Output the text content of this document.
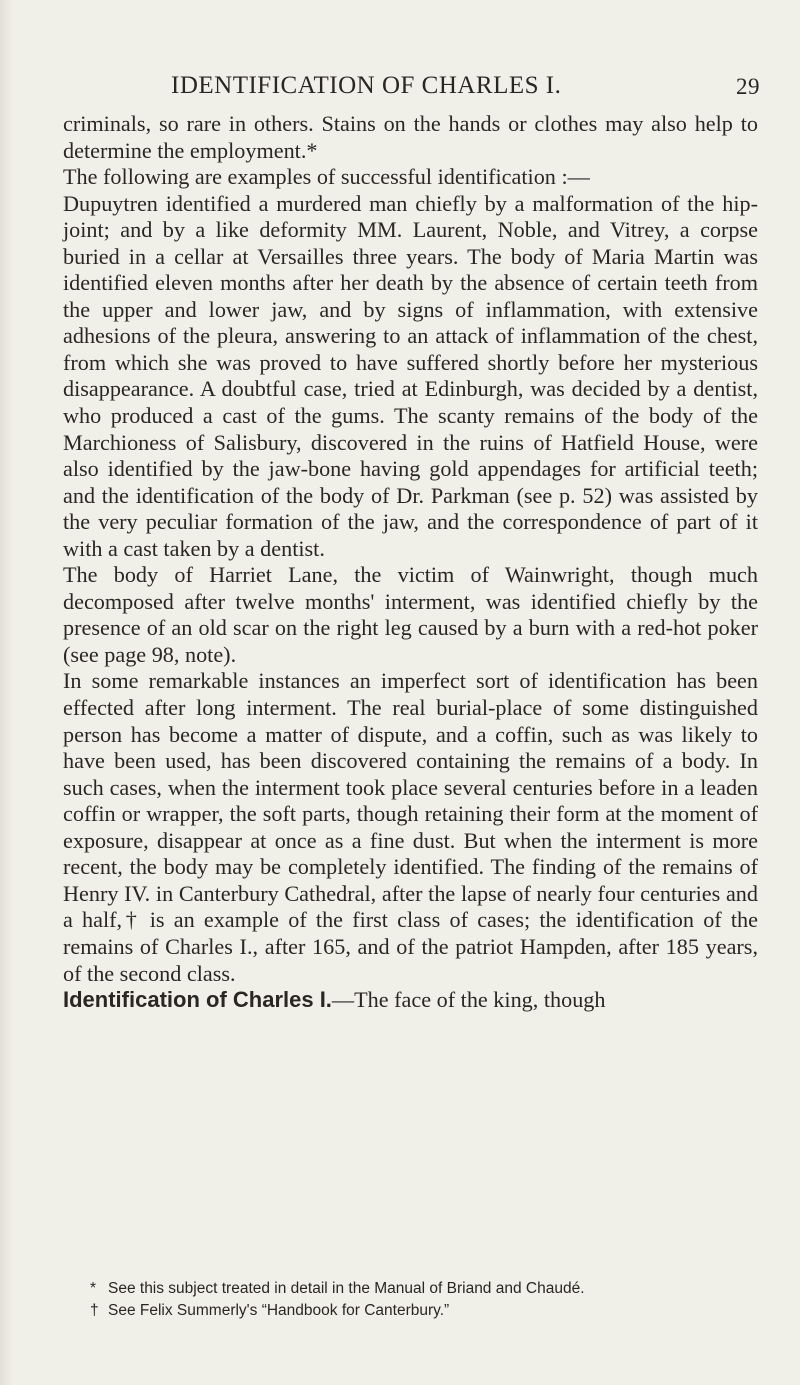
IDENTIFICATION OF CHARLES I.	29

criminals, so rare in others. Stains on the hands or clothes may also help to determine the employment.*

The following are examples of successful identification :—

Dupuytren identified a murdered man chiefly by a malformation of the hip-joint; and by a like deformity MM. Laurent, Noble, and Vitrey, a corpse buried in a cellar at Versailles three years. The body of Maria Martin was identified eleven months after her death by the absence of certain teeth from the upper and lower jaw, and by signs of inflammation, with extensive adhesions of the pleura, answering to an attack of inflammation of the chest, from which she was proved to have suffered shortly before her mysterious disappearance. A doubtful case, tried at Edinburgh, was decided by a dentist, who produced a cast of the gums. The scanty remains of the body of the Marchioness of Salisbury, discovered in the ruins of Hatfield House, were also identified by the jaw-bone having gold appendages for artificial teeth; and the identification of the body of Dr. Parkman (see p. 52) was assisted by the very peculiar formation of the jaw, and the correspondence of part of it with a cast taken by a dentist.

The body of Harriet Lane, the victim of Wainwright, though much decomposed after twelve months' interment, was identified chiefly by the presence of an old scar on the right leg caused by a burn with a red-hot poker (see page 98, note).

In some remarkable instances an imperfect sort of identification has been effected after long interment. The real burial-place of some distinguished person has become a matter of dispute, and a coffin, such as was likely to have been used, has been discovered containing the remains of a body. In such cases, when the interment took place several centuries before in a leaden coffin or wrapper, the soft parts, though retaining their form at the moment of exposure, disappear at once as a fine dust. But when the interment is more recent, the body may be completely identified. The finding of the remains of Henry IV. in Canterbury Cathedral, after the lapse of nearly four centuries and a half,† is an example of the first class of cases; the identification of the remains of Charles I., after 165, and of the patriot Hampden, after 185 years, of the second class.

Identification of Charles I.—The face of the king, though

* See this subject treated in detail in the Manual of Briand and Chaudé.

† See Felix Summerly's “Handbook for Canterbury.”
